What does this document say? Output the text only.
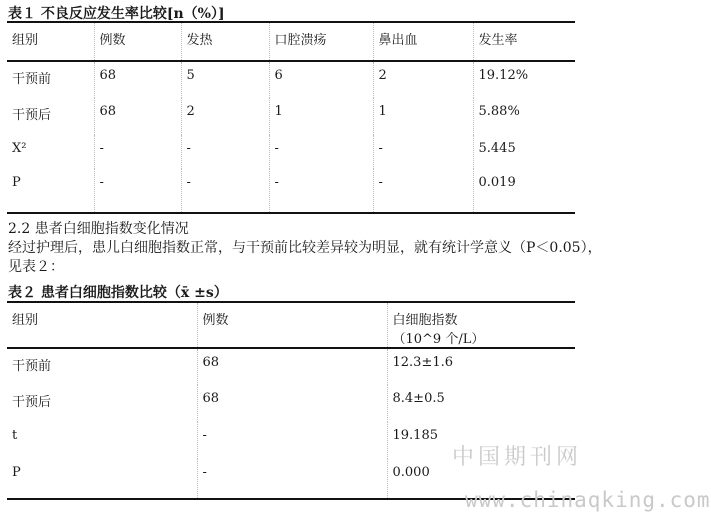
表１ 不良反应发生率比较[n（%）]
组别	例数	发热	口腔溃疡	鼻出血	发生率
干预前	68	5	6	2	19.12%
干预后	68	2	1	1	5.88%
X²	-	-	-	-	5.445
P	-	-	-	-	0.019
2.2 患者白细胞指数变化情况
经过护理后，患儿白细胞指数正常，与干预前比较差异较为明显，就有统计学意义（P＜0.05），
见表２：
表２ 患者白细胞指数比较（x̄ ±s）
组别	例数	白细胞指数
（10^9 个/L）

干预前	68	12.3±1.6
干预后	68	8.4±0.5
t	-	19.185
P	-	0.000
中国期刊网
www.chinaqking.com
